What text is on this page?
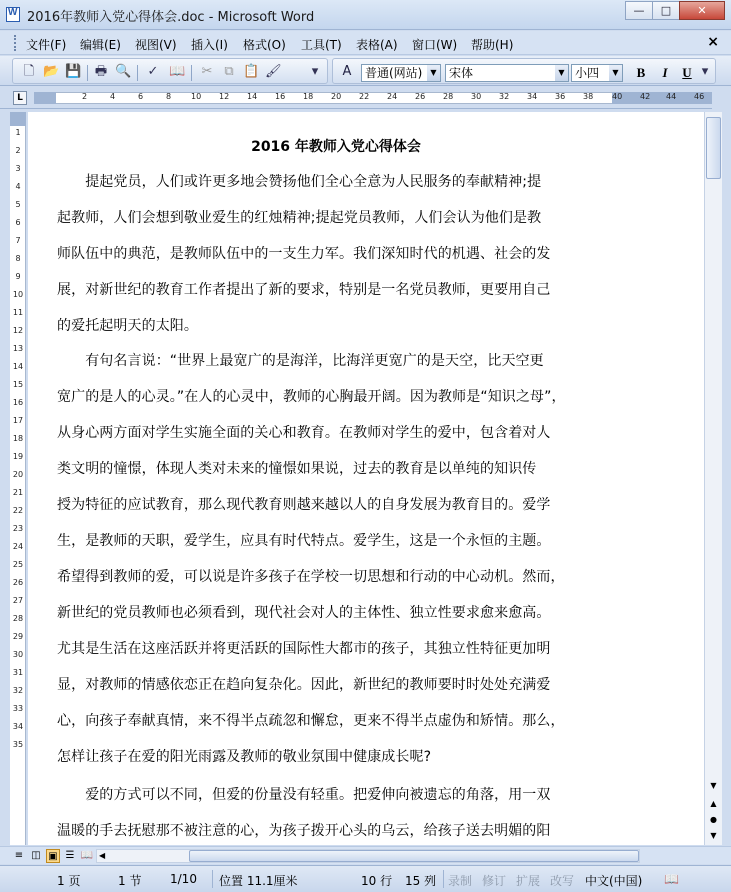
W
2016年教师入党心得体会.doc - Microsoft Word	—	□	✕
文件(F) 编辑(E) 视图(V) 插入(I) 格式(O) 工具(T) 表格(A) 窗口(W) 帮助(H)	×
🗋 📂 💾 🖶 🔍 ✓ 📖 ✂ ⧉ 📋 🖌 ▾ A	普通(网站)	▼	宋体	▼ 小四	▼ B	I	U ▾
L	2	4	6	8 10 12 14 16 18 20 22 24 26 28 30 32 34 36 38 40 42 44 46
1
2
3
4
5
6
7
8
9
10
11
12
13
14
15
16
17
18
19
20
21
22
23
24
25
26
27
28
29
30
31
32
33
34
35
2016 年教师入党心得体会
　　提起党员，人们或许更多地会赞扬他们全心全意为人民服务的奉献精神;提
起教师，人们会想到敬业爱生的红烛精神;提起党员教师，人们会认为他们是教
师队伍中的典范，是教师队伍中的一支生力军。我们深知时代的机遇、社会的发
展，对新世纪的教育工作者提出了新的要求，特别是一名党员教师，更要用自己
的爱托起明天的太阳。
　　有句名言说：“世界上最宽广的是海洋，比海洋更宽广的是天空，比天空更
宽广的是人的心灵。”在人的心灵中，教师的心胸最开阔。因为教师是“知识之母”，
从身心两方面对学生实施全面的关心和教育。在教师对学生的爱中，包含着对人
类文明的憧憬，体现人类对未来的憧憬如果说，过去的教育是以单纯的知识传
授为特征的应试教育，那么现代教育则越来越以人的自身发展为教育目的。爱学
生，是教师的天职，爱学生，应具有时代特点。爱学生，这是一个永恒的主题。
希望得到教师的爱，可以说是许多孩子在学校一切思想和行动的中心动机。然而，
新世纪的党员教师也必须看到，现代社会对人的主体性、独立性要求愈来愈高。
尤其是生活在这座活跃并将更活跃的国际性大都市的孩子，其独立性特征更加明
显，对教师的情感依恋正在趋向复杂化。因此，新世纪的教师要时时处处充满爱
心，向孩子奉献真情，来不得半点疏忽和懈怠，更来不得半点虚伪和矫情。那么，
怎样让孩子在爱的阳光雨露及教师的敬业氛围中健康成长呢?
　　爱的方式可以不同，但爱的份量没有轻重。把爱伸向被遗忘的角落，用一双
温暖的手去抚慰那不被注意的心，为孩子拨开心头的乌云，给孩子送去明媚的阳
▼
▲
●
▼
≡ ◫ ▣ ☰ 📖 ◀
1 页	1 节 1/10 位置 11.1厘米	10 行 15 列 录制 修订 扩展 改写 中文(中国) 📖
